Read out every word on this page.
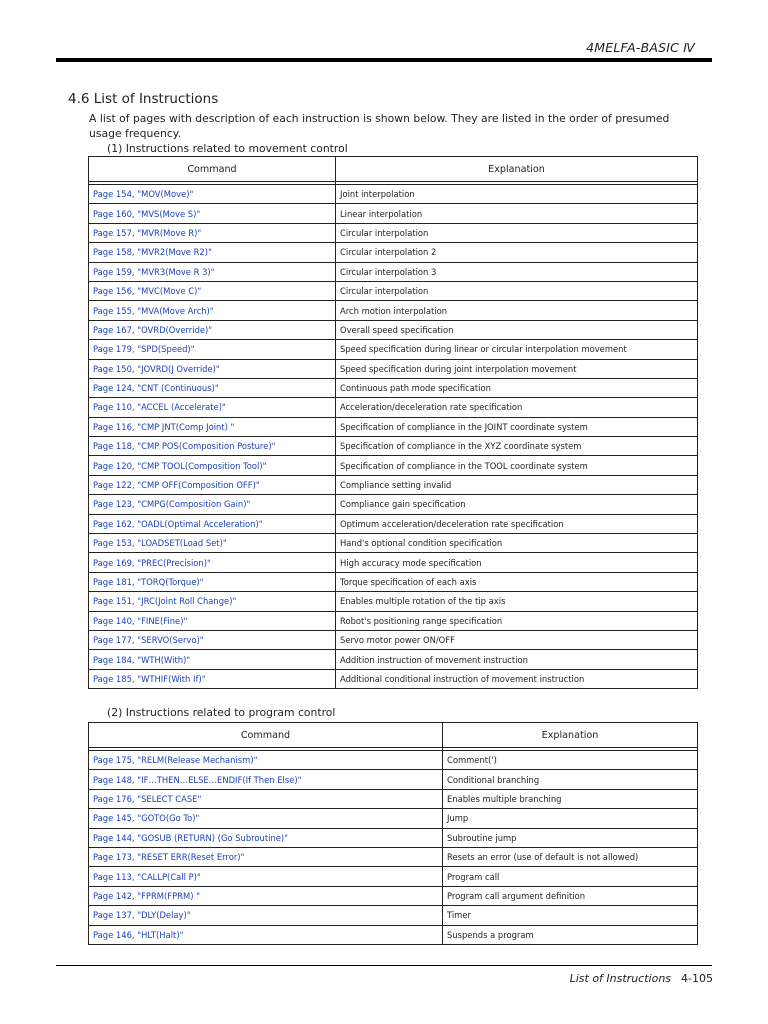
4MELFA-BASIC Ⅳ
4.6 List of Instructions
A list of pages with description of each instruction is shown below. They are listed in the order of presumed usage frequency.
(1) Instructions related to movement control
Command	Explanation

Page 154, "MOV(Move)"	Joint interpolation
Page 160, "MVS(Move S)"	Linear interpolation
Page 157, "MVR(Move R)"	Circular interpolation
Page 158, "MVR2(Move R2)"	Circular interpolation 2
Page 159, "MVR3(Move R 3)"	Circular interpolation 3
Page 156, "MVC(Move C)"	Circular interpolation
Page 155, "MVA(Move Arch)"	Arch motion interpolation
Page 167, "OVRD(Override)"	Overall speed specification
Page 179, "SPD(Speed)"	Speed specification during linear or circular interpolation movement
Page 150, "JOVRD(J Override)"	Speed specification during joint interpolation movement
Page 124, "CNT (Continuous)"	Continuous path mode specification
Page 110, "ACCEL (Accelerate)"	Acceleration/deceleration rate specification
Page 116, "CMP JNT(Comp Joint) "	Specification of compliance in the JOINT coordinate system
Page 118, "CMP POS(Composition Posture)"	Specification of compliance in the XYZ coordinate system
Page 120, "CMP TOOL(Composition Tool)"	Specification of compliance in the TOOL coordinate system
Page 122, "CMP OFF(Composition OFF)"	Compliance setting invalid
Page 123, "CMPG(Composition Gain)"	Compliance gain specification
Page 162, "OADL(Optimal Acceleration)"	Optimum acceleration/deceleration rate specification
Page 153, "LOADSET(Load Set)"	Hand's optional condition specification
Page 169, "PREC(Precision)"	High accuracy mode specification
Page 181, "TORQ(Torque)"	Torque specification of each axis
Page 151, "JRC(Joint Roll Change)"	Enables multiple rotation of the tip axis
Page 140, "FINE(Fine)"	Robot's positioning range specification
Page 177, "SERVO(Servo)"	Servo motor power ON/OFF
Page 184, "WTH(With)"	Addition instruction of movement instruction
Page 185, "WTHIF(With If)"	Additional conditional instruction of movement instruction
(2) Instructions related to program control
Command	Explanation

Page 175, "RELM(Release Mechanism)"	Comment(')
Page 148, "IF…THEN…ELSE…ENDIF(If Then Else)"	Conditional branching
Page 176, "SELECT CASE"	Enables multiple branching
Page 145, "GOTO(Go To)"	Jump
Page 144, "GOSUB (RETURN) (Go Subroutine)"	Subroutine jump
Page 173, "RESET ERR(Reset Error)"	Resets an error (use of default is not allowed)
Page 113, "CALLP(Call P)"	Program call
Page 142, "FPRM(FPRM) "	Program call argument definition
Page 137, "DLY(Delay)"	Timer
Page 146, "HLT(Halt)"	Suspends a program
List of Instructions 4-105
